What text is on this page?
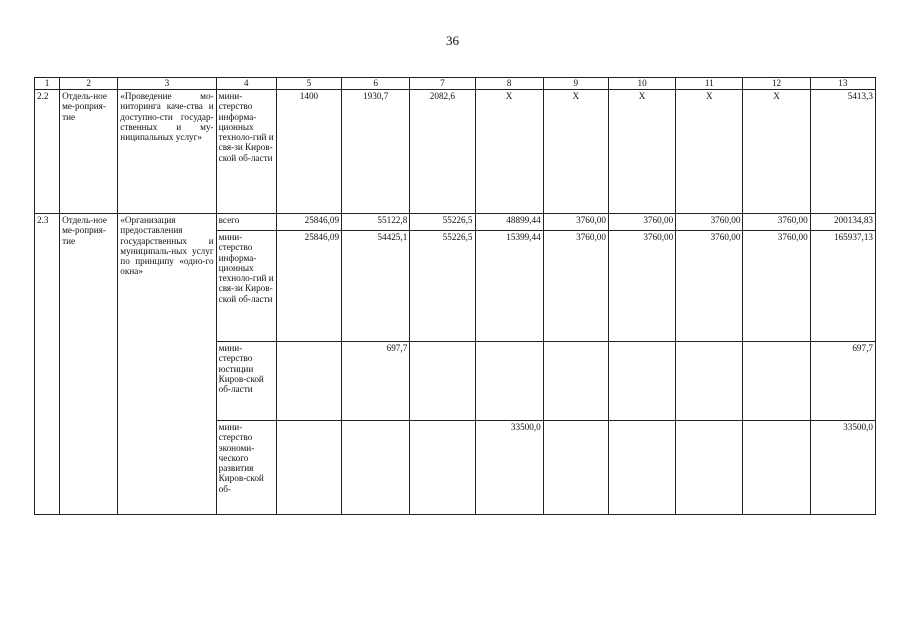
36
1	2	3	4	5	6	7	8	9	10	11	12	13
2.2	Отдель-ное ме-роприя-тие	«Проведение мо-ниторинга каче-ства и доступно-сти государ-ственных и му-ниципальных услуг»	мини-стерство информа-ционных техноло-гий и свя-зи Киров-ской об-ласти	1400	1930,7	2082,6	X	X	X	X	X	5413,3
2.3	Отдель-ное ме-роприя-тие	«Организация предоставления государственных и муниципаль-ных услуг по принципу «одно-го окна»	всего	25846,09	55122,8	55226,5	48899,44	3760,00	3760,00	3760,00	3760,00	200134,83
			мини-стерство информа-ционных техноло-гий и свя-зи Киров-ской об-ласти	25846,09	54425,1	55226,5	15399,44	3760,00	3760,00	3760,00	3760,00	165937,13
			мини-стерство юстиции Киров-ской об-ласти		697,7							697,7
			мини-стерство экономи-ческого развития Киров-ской об-				33500,0					33500,0
